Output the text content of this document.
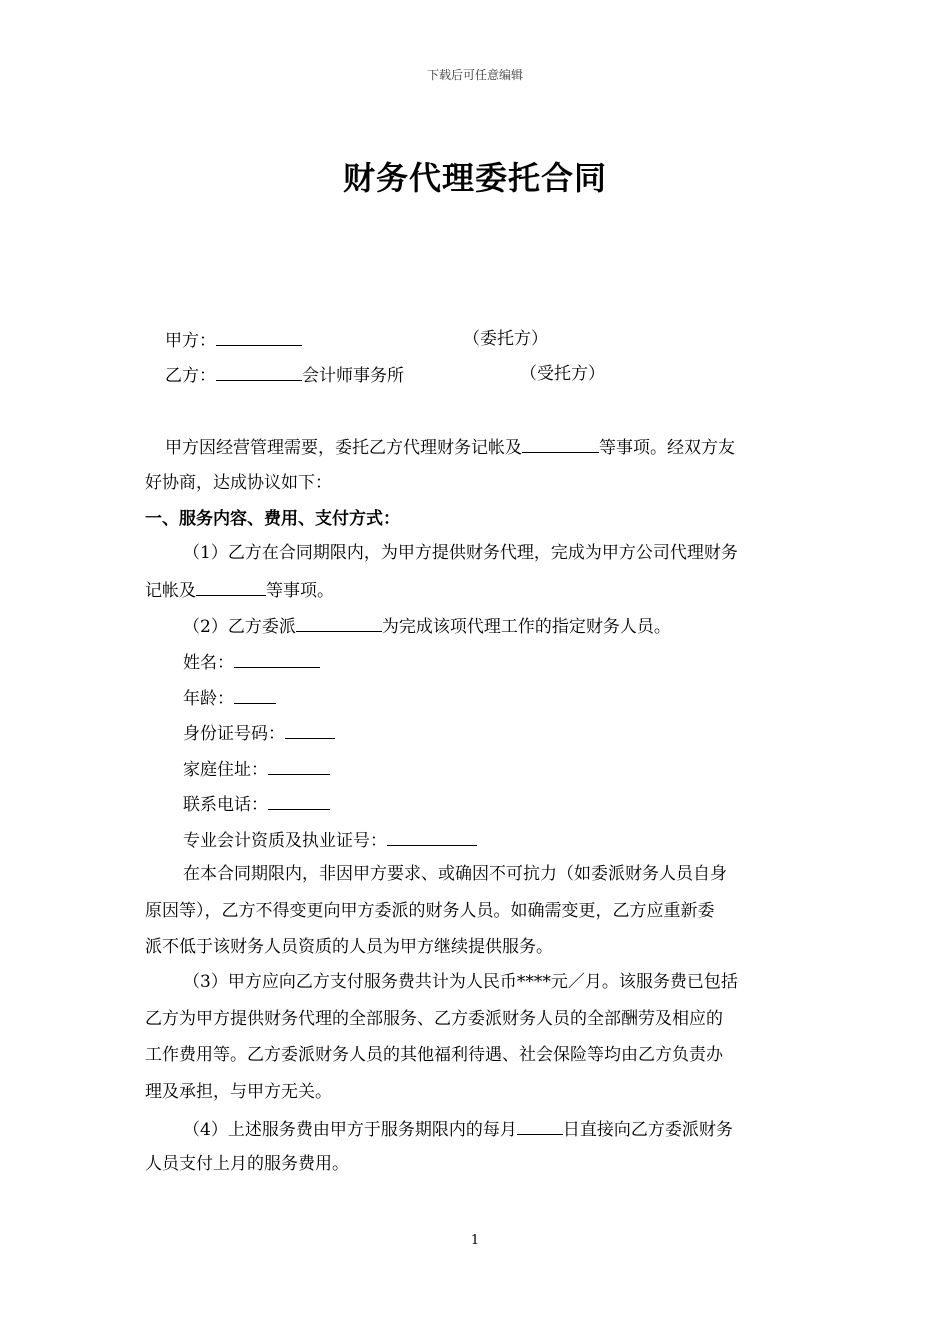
下载后可任意编辑
财务代理委托合同
甲方：	（委托方）
乙方：	会计师事务所	（受托方）
甲方因经营管理需要，委托乙方代理财务记帐及	等事项。经双方友
好协商，达成协议如下：
一、服务内容、费用、支付方式：
（1）乙方在合同期限内，为甲方提供财务代理，完成为甲方公司代理财务
记帐及	等事项。
（2）乙方委派	为完成该项代理工作的指定财务人员。
姓名：
年龄：
身份证号码：
家庭住址：
联系电话：
专业会计资质及执业证号：
在本合同期限内，非因甲方要求、或确因不可抗力（如委派财务人员自身
原因等），乙方不得变更向甲方委派的财务人员。如确需变更，乙方应重新委
派不低于该财务人员资质的人员为甲方继续提供服务。
（3）甲方应向乙方支付服务费共计为人民币****元／月。该服务费已包括
乙方为甲方提供财务代理的全部服务、乙方委派财务人员的全部酬劳及相应的
工作费用等。乙方委派财务人员的其他福利待遇、社会保险等均由乙方负责办
理及承担，与甲方无关。
（4）上述服务费由甲方于服务期限内的每月	日直接向乙方委派财务
人员支付上月的服务费用。
1
